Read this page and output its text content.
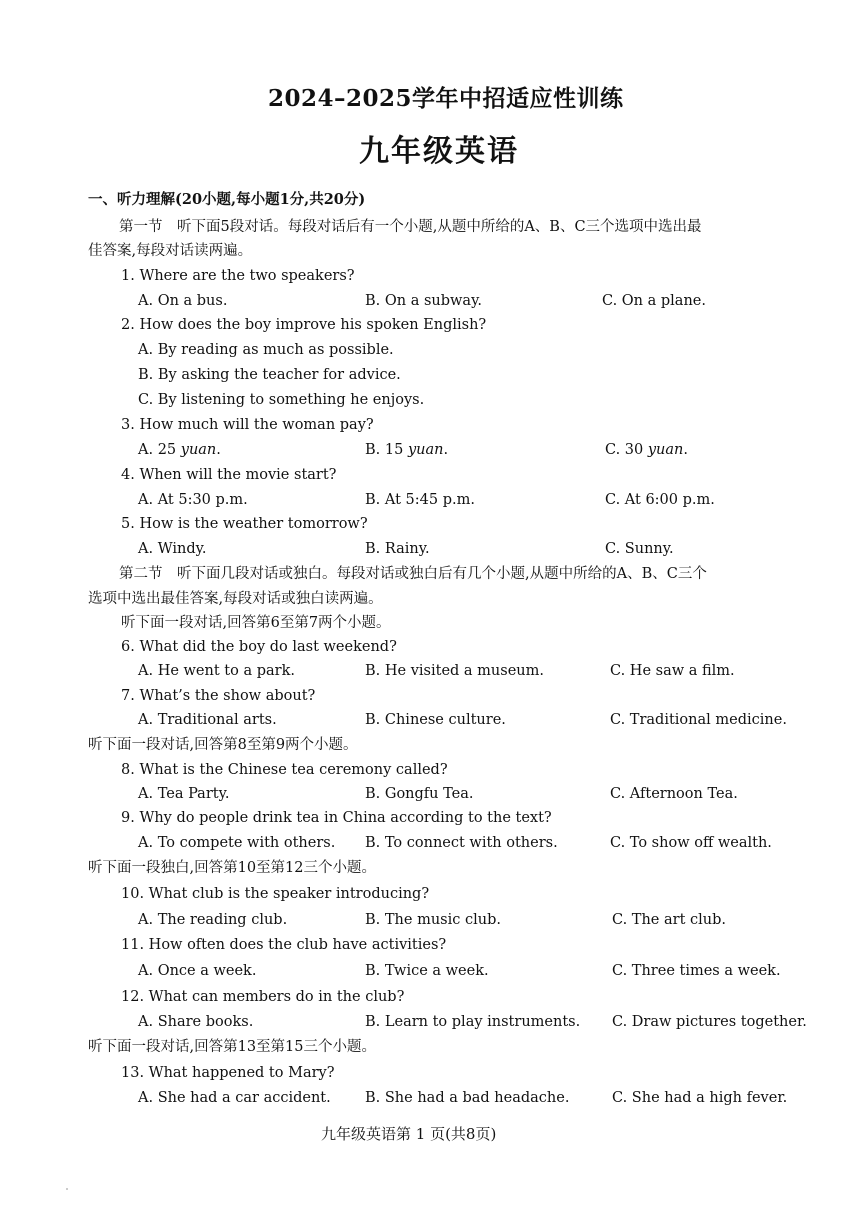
2024–2025学年中招适应性训练
九年级英语
一、听力理解(20小题,每小题1分,共20分)
第一节　听下面5段对话。每段对话后有一个小题,从题中所给的A、B、C三个选项中选出最
佳答案,每段对话读两遍。
1. Where are the two speakers?
A. On a bus.	B. On a subway.	C. On a plane.
2. How does the boy improve his spoken English?
A. By reading as much as possible.
B. By asking the teacher for advice.
C. By listening to something he enjoys.
3. How much will the woman pay?
A. 25 yuan.	B. 15 yuan.	C. 30 yuan.
4. When will the movie start?
A. At 5:30 p.m.	B. At 5:45 p.m.	C. At 6:00 p.m.
5. How is the weather tomorrow?
A. Windy.	B. Rainy.	C. Sunny.
第二节　听下面几段对话或独白。每段对话或独白后有几个小题,从题中所给的A、B、C三个
选项中选出最佳答案,每段对话或独白读两遍。
听下面一段对话,回答第6至第7两个小题。
6. What did the boy do last weekend?
A. He went to a park.	B. He visited a museum.	C. He saw a film.
7. What’s the show about?
A. Traditional arts.	B. Chinese culture.	C. Traditional medicine.
听下面一段对话,回答第8至第9两个小题。
8. What is the Chinese tea ceremony called?
A. Tea Party.	B. Gongfu Tea.	C. Afternoon Tea.
9. Why do people drink tea in China according to the text?
A. To compete with others. B. To connect with others.	C. To show off wealth.
听下面一段独白,回答第10至第12三个小题。
10. What club is the speaker introducing?
A. The reading club.	B. The music club.	C. The art club.
11. How often does the club have activities?
A. Once a week.	B. Twice a week.	C. Three times a week.
12. What can members do in the club?
A. Share books.	B. Learn to play instruments. C. Draw pictures together.
听下面一段对话,回答第13至第15三个小题。
13. What happened to Mary?
A. She had a car accident. B. She had a bad headache.	C. She had a high fever.
九年级英语第 1 页(共8页)
